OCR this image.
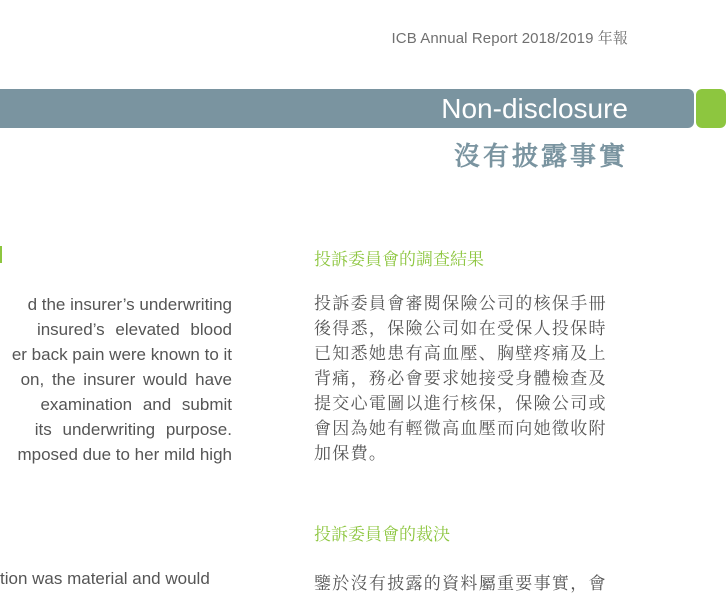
ICB Annual Report 2018/2019 年報
Non-disclosure
沒有披露事實
d the insurer’s underwriting
insured’s elevated blood
er back pain were known to it
on, the insurer would have
examination and submit
its underwriting purpose.
mposed due to her mild high
tion was material and would
投訴委員會的調查結果
投訴委員會審閱保險公司的核保手冊
後得悉，保險公司如在受保人投保時
已知悉她患有高血壓、胸壁疼痛及上
背痛，務必會要求她接受身體檢查及
提交心電圖以進行核保，保險公司或
會因為她有輕微高血壓而向她徵收附
加保費。
投訴委員會的裁決
鑒於沒有披露的資料屬重要事實，會
